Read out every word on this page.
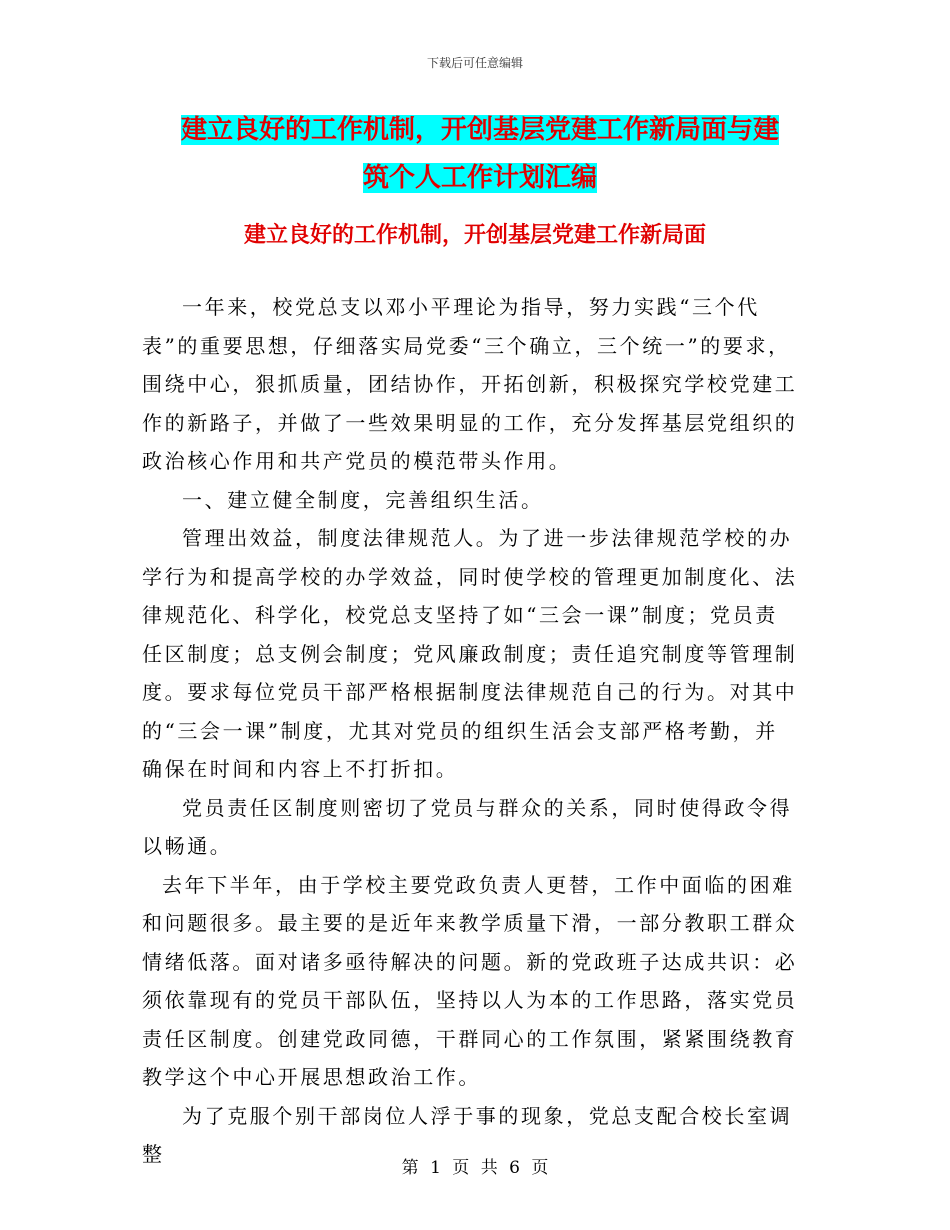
下载后可任意编辑
建立良好的工作机制，开创基层党建工作新局面与建
筑个人工作计划汇编
建立良好的工作机制，开创基层党建工作新局面

一年来，校党总支以邓小平理论为指导，努力实践“三个代表”的重要思想，仔细落实局党委“三个确立，三个统一”的要求，围绕中心，狠抓质量，团结协作，开拓创新，积极探究学校党建工作的新路子，并做了一些效果明显的工作，充分发挥基层党组织的政治核心作用和共产党员的模范带头作用。

一、建立健全制度，完善组织生活。

管理出效益，制度法律规范人。为了进一步法律规范学校的办学行为和提高学校的办学效益，同时使学校的管理更加制度化、法律规范化、科学化，校党总支坚持了如“三会一课”制度；党员责任区制度；总支例会制度；党风廉政制度；责任追究制度等管理制度。要求每位党员干部严格根据制度法律规范自己的行为。对其中的“三会一课”制度，尤其对党员的组织生活会支部严格考勤，并确保在时间和内容上不打折扣。

党员责任区制度则密切了党员与群众的关系，同时使得政令得以畅通。

去年下半年，由于学校主要党政负责人更替，工作中面临的困难和问题很多。最主要的是近年来教学质量下滑，一部分教职工群众情绪低落。面对诸多亟待解决的问题。新的党政班子达成共识：必须依靠现有的党员干部队伍，坚持以人为本的工作思路，落实党员责任区制度。创建党政同德，干群同心的工作氛围，紧紧围绕教育教学这个中心开展思想政治工作。

为了克服个别干部岗位人浮于事的现象，党总支配合校长室调整

第 1 页 共 6 页
